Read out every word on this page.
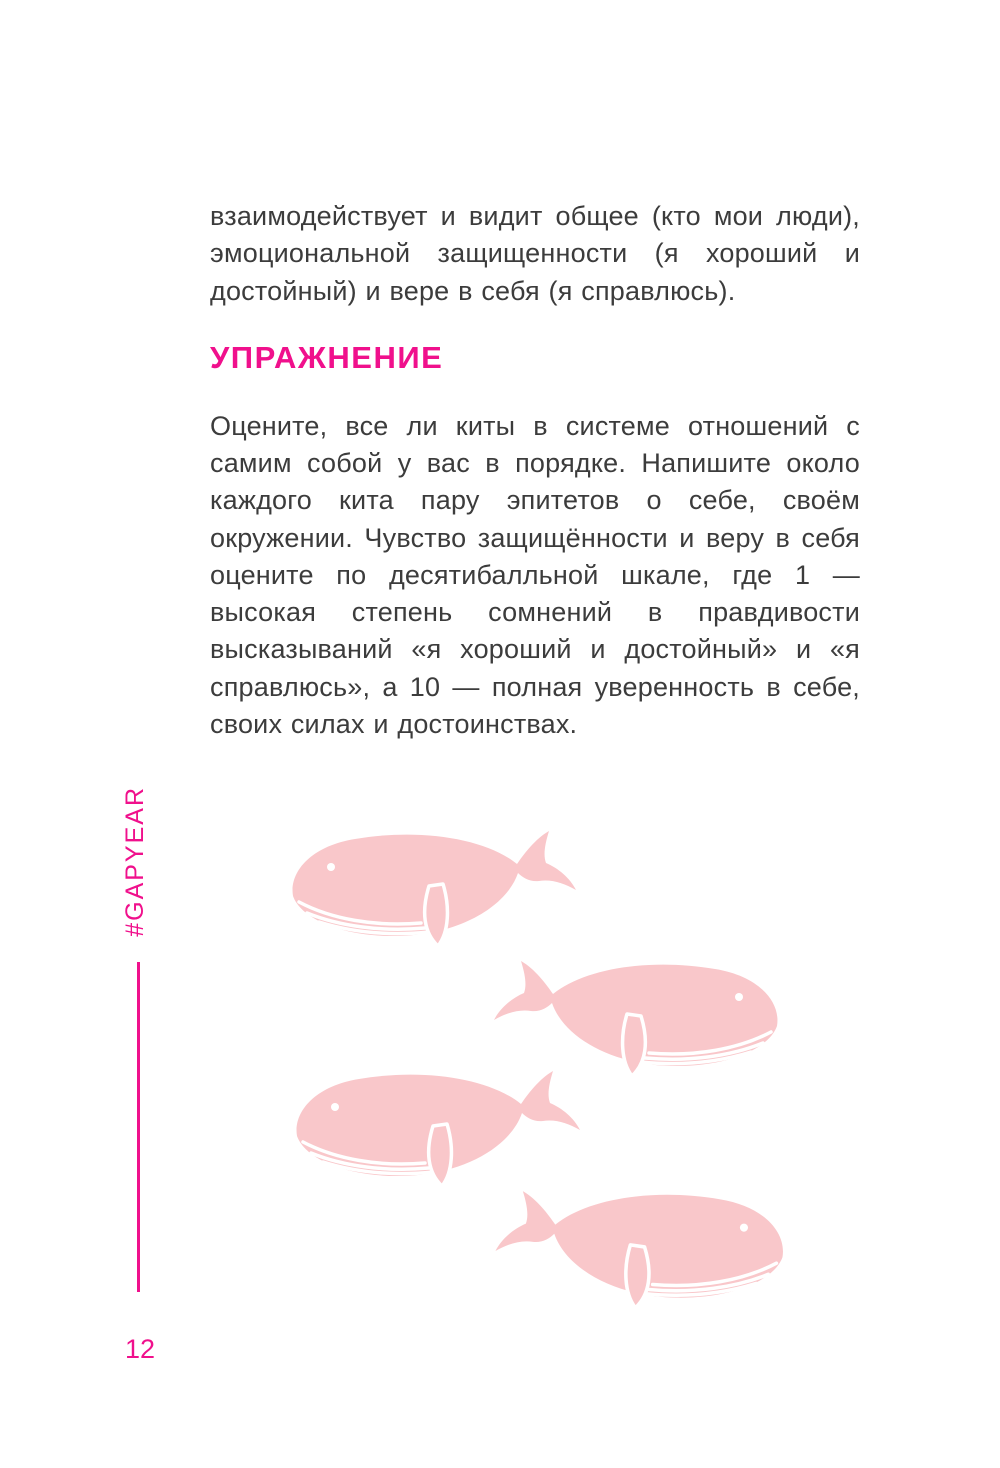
#GAPYEAR
12

взаимодействует и видит общее (кто мои люди), эмоциональной защищенности (я хороший и достойный) и вере в себя (я справлюсь).

УПРАЖНЕНИЕ

Оцените, все ли киты в системе отношений с самим собой у вас в порядке. Напишите около каждого кита пару эпитетов о себе, своём окружении. Чувство защищённости и веру в себя оцените по десятибалльной шкале, где 1 — высокая степень сомнений в правдивости высказываний «я хороший и достойный» и «я справлюсь», а 10 — полная уверенность в себе, своих силах и достоинствах.
